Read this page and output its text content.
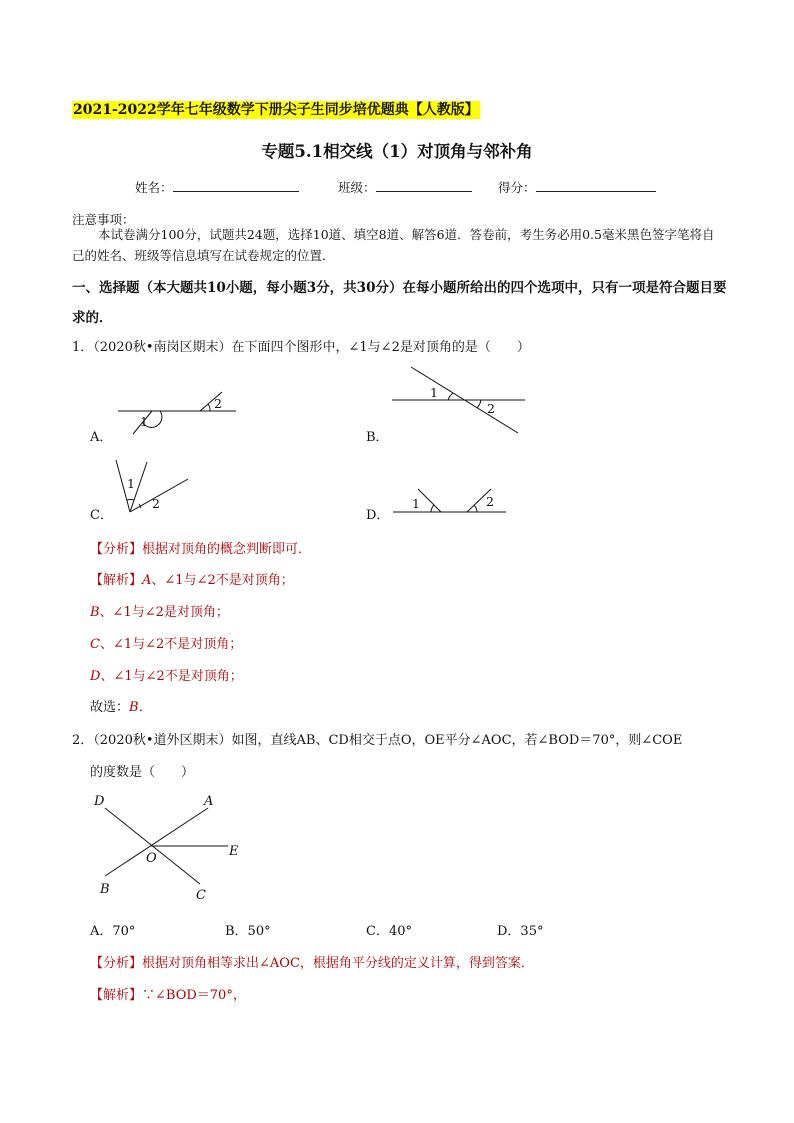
2021-2022学年七年级数学下册尖子生同步培优题典【人教版】
专题5.1相交线（1）对顶角与邻补角
姓名：	班级：	得分：
注意事项：
本试卷满分100分，试题共24题，选择10道、填空8道、解答6道．答卷前，考生务必用0.5毫米黑色签字笔将自己的姓名、班级等信息填写在试卷规定的位置．
一、选择题（本大题共10小题，每小题3分，共30分）在每小题所给出的四个选项中，只有一项是符合题目要求的．
1．（2020秋•南岗区期末）在下面四个图形中，∠1与∠2是对顶角的是（　　）
A．	B．
C．	D．
1
2
1
2
1
2	1	2
D	A
E
O
B	C
【分析】根据对顶角的概念判断即可．
【解析】A、∠1与∠2不是对顶角；
B、∠1与∠2是对顶角；
C、∠1与∠2不是对顶角；
D、∠1与∠2不是对顶角；
故选：B．
2．（2020秋•道外区期末）如图，直线AB、CD相交于点O，OE平分∠AOC，若∠BOD＝70°，则∠COE
的度数是（　　）
A．70°	B．50°	C．40°	D．35°
【分析】根据对顶角相等求出∠AOC，根据角平分线的定义计算，得到答案．
【解析】∵∠BOD＝70°，
